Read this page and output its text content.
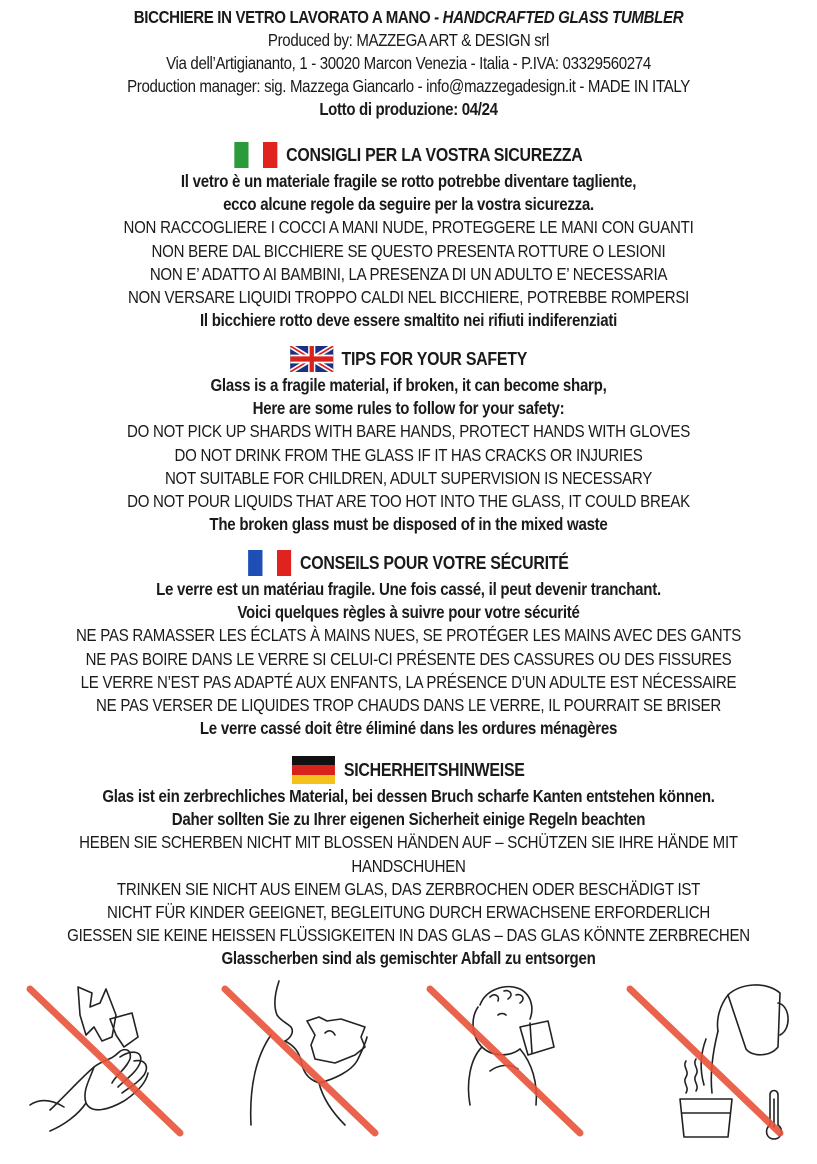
BICCHIERE IN VETRO LAVORATO A MANO - HANDCRAFTED GLASS TUMBLER
Produced by: MAZZEGA ART & DESIGN srl
Via dell’Artigiananto, 1 - 30020 Marcon Venezia - Italia - P.IVA: 03329560274
Production manager: sig. Mazzega Giancarlo - info@mazzegadesign.it - MADE IN ITALY
Lotto di produzione: 04/24
CONSIGLI PER LA VOSTRA SICUREZZA
Il vetro è un materiale fragile se rotto potrebbe diventare tagliente,
ecco alcune regole da seguire per la vostra sicurezza.
NON RACCOGLIERE I COCCI A MANI NUDE, PROTEGGERE LE MANI CON GUANTI
NON BERE DAL BICCHIERE SE QUESTO PRESENTA ROTTURE O LESIONI
NON E’ ADATTO AI BAMBINI, LA PRESENZA DI UN ADULTO E’ NECESSARIA
NON VERSARE LIQUIDI TROPPO CALDI NEL BICCHIERE, POTREBBE ROMPERSI
Il bicchiere rotto deve essere smaltito nei rifiuti indiferenziati
TIPS FOR YOUR SAFETY
Glass is a fragile material, if broken, it can become sharp,
Here are some rules to follow for your safety:
DO NOT PICK UP SHARDS WITH BARE HANDS, PROTECT HANDS WITH GLOVES
DO NOT DRINK FROM THE GLASS IF IT HAS CRACKS OR INJURIES
NOT SUITABLE FOR CHILDREN, ADULT SUPERVISION IS NECESSARY
DO NOT POUR LIQUIDS THAT ARE TOO HOT INTO THE GLASS, IT COULD BREAK
The broken glass must be disposed of in the mixed waste
CONSEILS POUR VOTRE SÉCURITÉ
Le verre est un matériau fragile. Une fois cassé, il peut devenir tranchant.
Voici quelques règles à suivre pour votre sécurité
NE PAS RAMASSER LES ÉCLATS À MAINS NUES, SE PROTÉGER LES MAINS AVEC DES GANTS
NE PAS BOIRE DANS LE VERRE SI CELUI-CI PRÉSENTE DES CASSURES OU DES FISSURES
LE VERRE N’EST PAS ADAPTÉ AUX ENFANTS, LA PRÉSENCE D’UN ADULTE EST NÉCESSAIRE
NE PAS VERSER DE LIQUIDES TROP CHAUDS DANS LE VERRE, IL POURRAIT SE BRISER
Le verre cassé doit être éliminé dans les ordures ménagères
SICHERHEITSHINWEISE
Glas ist ein zerbrechliches Material, bei dessen Bruch scharfe Kanten entstehen können.
Daher sollten Sie zu Ihrer eigenen Sicherheit einige Regeln beachten
HEBEN SIE SCHERBEN NICHT MIT BLOSSEN HÄNDEN AUF – SCHÜTZEN SIE IHRE HÄNDE MIT HANDSCHUHEN
TRINKEN SIE NICHT AUS EINEM GLAS, DAS ZERBROCHEN ODER BESCHÄDIGT IST
NICHT FÜR KINDER GEEIGNET, BEGLEITUNG DURCH ERWACHSENE ERFORDERLICH
GIESSEN SIE KEINE HEISSEN FLÜSSIGKEITEN IN DAS GLAS – DAS GLAS KÖNNTE ZERBRECHEN
Glasscherben sind als gemischter Abfall zu entsorgen
